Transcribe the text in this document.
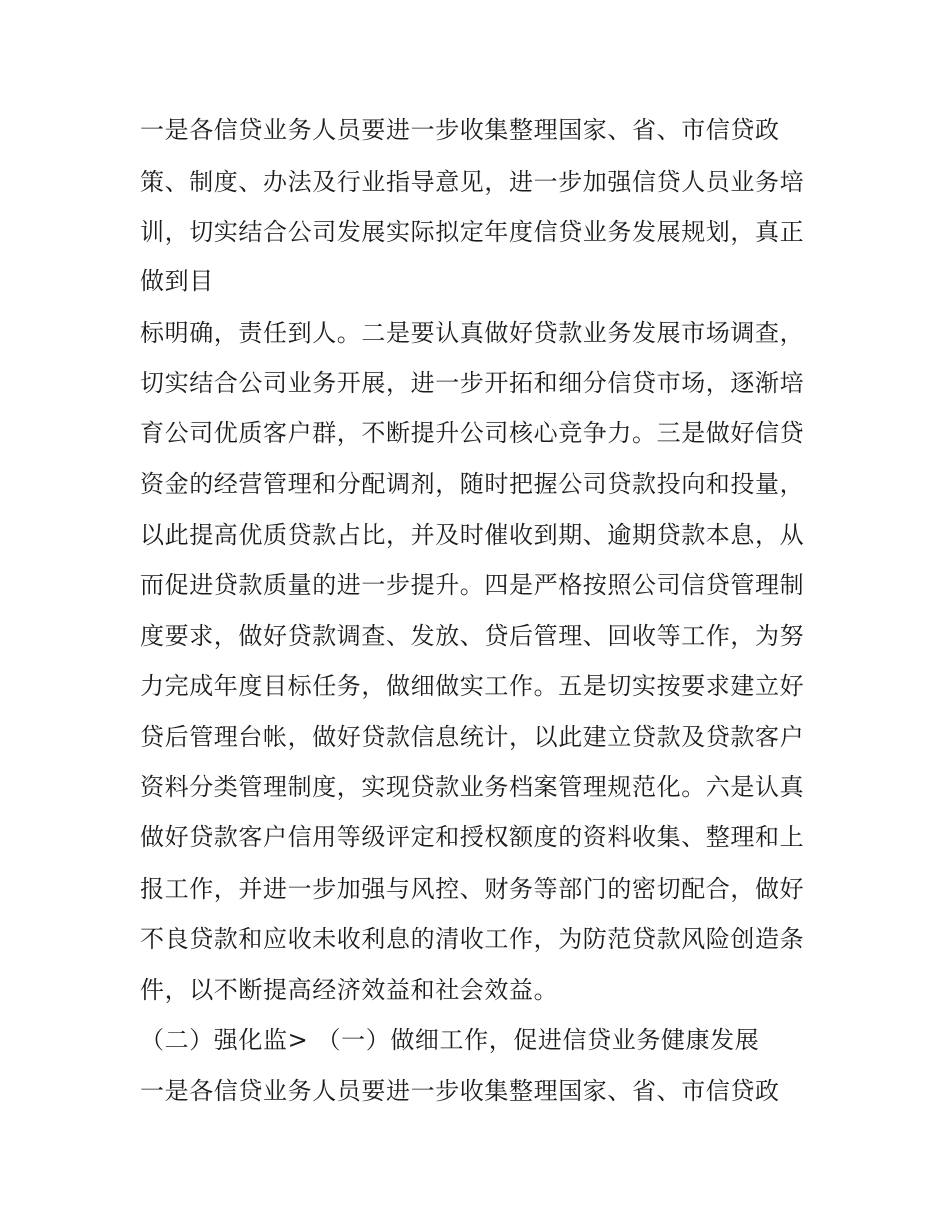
一是各信贷业务人员要进一步收集整理国家、省、市信贷政
策、制度、办法及行业指导意见，进一步加强信贷人员业务培
训，切实结合公司发展实际拟定年度信贷业务发展规划，真正
做到目
标明确，责任到人。二是要认真做好贷款业务发展市场调查，
切实结合公司业务开展，进一步开拓和细分信贷市场，逐渐培
育公司优质客户群，不断提升公司核心竞争力。三是做好信贷
资金的经营管理和分配调剂，随时把握公司贷款投向和投量，
以此提高优质贷款占比，并及时催收到期、逾期贷款本息，从
而促进贷款质量的进一步提升。四是严格按照公司信贷管理制
度要求，做好贷款调查、发放、贷后管理、回收等工作，为努
力完成年度目标任务，做细做实工作。五是切实按要求建立好
贷后管理台帐，做好贷款信息统计，以此建立贷款及贷款客户
资料分类管理制度，实现贷款业务档案管理规范化。六是认真
做好贷款客户信用等级评定和授权额度的资料收集、整理和上
报工作，并进一步加强与风控、财务等部门的密切配合，做好
不良贷款和应收未收利息的清收工作，为防范贷款风险创造条
件，以不断提高经济效益和社会效益。
（二）强化监> （一）做细工作，促进信贷业务健康发展
一是各信贷业务人员要进一步收集整理国家、省、市信贷政
